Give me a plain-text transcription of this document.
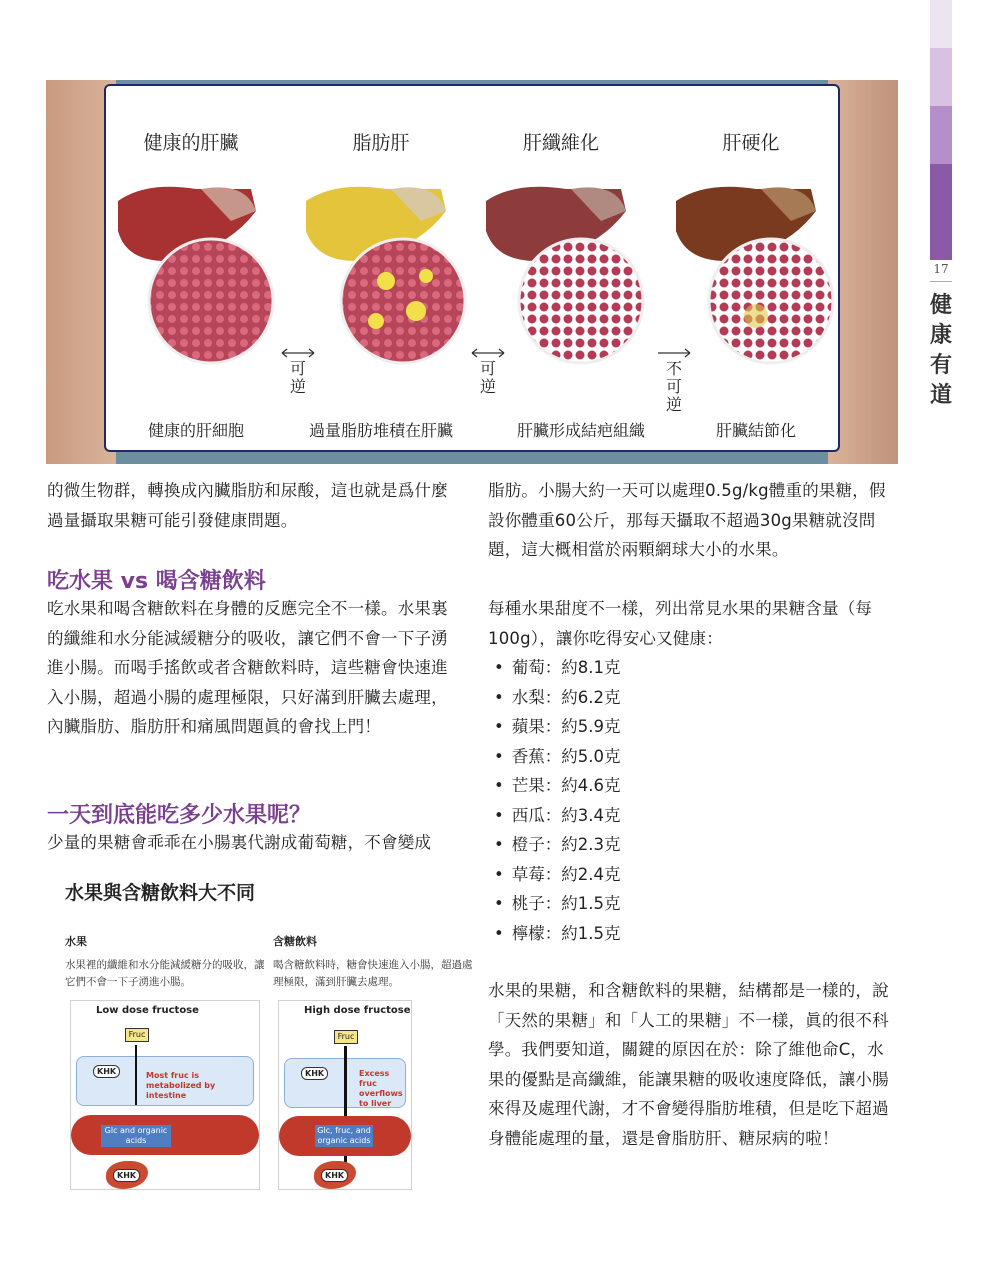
17
健
康
有
道
健康的肝臟	脂肪肝	肝纖維化	肝硬化
可
逆
可
逆
不
可
逆
健康的肝細胞	過量脂肪堆積在肝臟	肝臟形成結疤組織	肝臟結節化
的微生物群，轉換成內臟脂肪和尿酸，這也就是爲什麼過量攝取果糖可能引發健康問題。
吃水果 vs 喝含糖飲料
吃水果和喝含糖飲料在身體的反應完全不一樣。水果裏的纖維和水分能減緩糖分的吸收，讓它們不會一下子湧進小腸。而喝手搖飲或者含糖飲料時，這些糖會快速進入小腸，超過小腸的處理極限，只好滿到肝臟去處理，內臟脂肪、脂肪肝和痛風問題眞的會找上門！
一天到底能吃多少水果呢？
少量的果糖會乖乖在小腸裏代謝成葡萄糖，不會變成
水果與含糖飲料大不同
水果
水果裡的纖維和水分能減緩糖分的吸收，讓它們不會一下子湧進小腸。
含糖飲料
喝含糖飲料時，糖會快速進入小腸，超過處理極限，滿到肝臟去處理。
Low dose fructose
Fruc
KHK	Most fruc is metabolized by intestine
Glc and organic acids
KHK
High dose fructose
Fruc
KHK	Excess fruc overflows to liver
Glc, fruc, and organic acids
KHK
脂肪。小腸大約一天可以處理0.5g/kg體重的果糖，假設你體重60公斤，那每天攝取不超過30g果糖就沒問題，這大概相當於兩顆網球大小的水果。
每種水果甜度不一樣，列出常見水果的果糖含量（每100g），讓你吃得安心又健康：
• 葡萄：約8.1克
• 水梨：約6.2克
• 蘋果：約5.9克
• 香蕉：約5.0克
• 芒果：約4.6克
• 西瓜：約3.4克
• 橙子：約2.3克
• 草莓：約2.4克
• 桃子：約1.5克
• 檸檬：約1.5克
水果的果糖，和含糖飲料的果糖，結構都是一樣的，說「天然的果糖」和「人工的果糖」不一樣，眞的很不科學。我們要知道，關鍵的原因在於：除了維他命C，水果的優點是高纖維，能讓果糖的吸收速度降低，讓小腸來得及處理代謝，才不會變得脂肪堆積，但是吃下超過身體能處理的量，還是會脂肪肝、糖尿病的啦！
